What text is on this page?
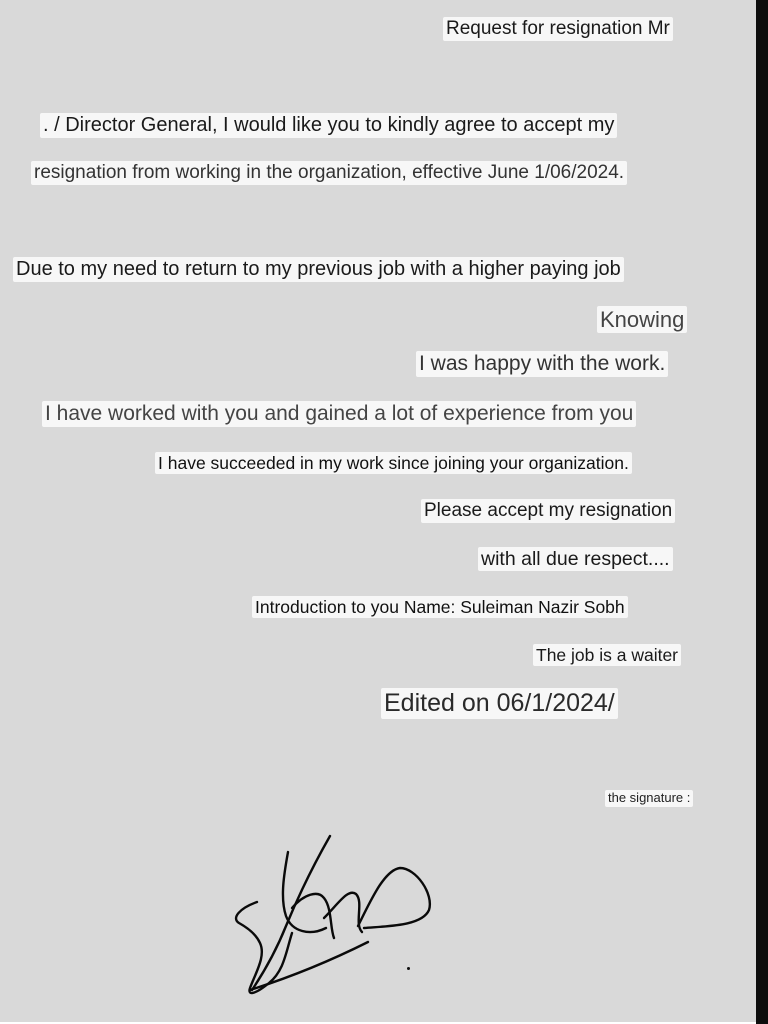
Request for resignation Mr
. / Director General, I would like you to kindly agree to accept my
resignation from working in the organization, effective June 1/06/2024.
Due to my need to return to my previous job with a higher paying job
Knowing
I was happy with the work.
I have worked with you and gained a lot of experience from you
I have succeeded in my work since joining your organization.
Please accept my resignation
with all due respect....
Introduction to you Name: Suleiman Nazir Sobh
The job is a waiter
Edited on 06/1/2024/
the signature :
